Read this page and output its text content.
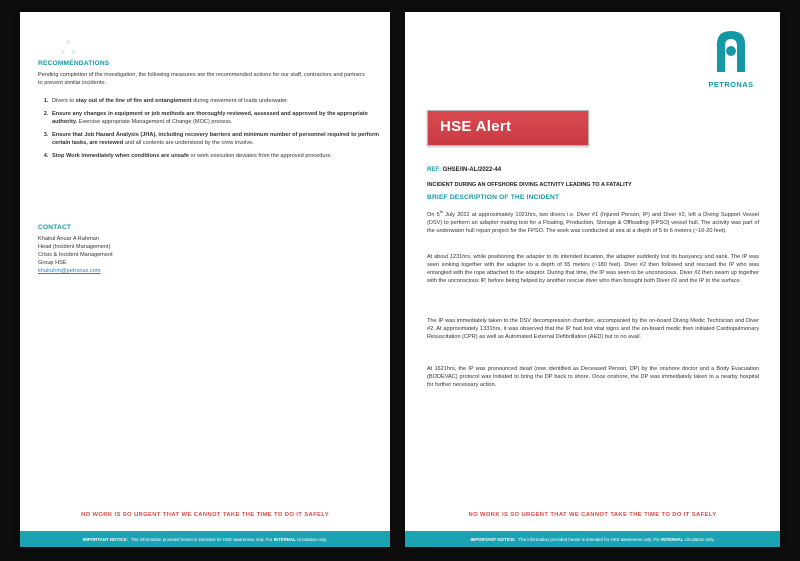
∴
RECOMMENDATIONS
Pending completion of the investigation, the following measures are the recommended actions for our staff, contractors and partners to prevent similar incidents:
1. Divers to stay out of the line of fire and entanglement during movement of loads underwater.
2. Ensure any changes in equipment or job methods are thoroughly reviewed, assessed and approved by the appropriate authority. Exercise appropriate Management of Change (MOC) process.
3. Ensure that Job Hazard Analysis (JHA), including recovery barriers and minimum number of personnel required to perform certain tasks, are reviewed and all contents are understood by the crew involve.
4. Stop Work immediately when conditions are unsafe or work execution deviates from the approved procedure.
CONTACT
Khairul Anuar A Rahman
Head (Incident Management)
Crisis & Incident Management
Group HSE
khairulrm@petronas.com
NO WORK IS SO URGENT THAT WE CANNOT TAKE THE TIME TO DO IT SAFELY
IMPORTANT NOTICE: The information provided herein is intended for HSE awareness only. For INTERNAL circulation only.
PETRONAS
HSE Alert
REF: GHSE/IN-AL/2022-44
INCIDENT DURING AN OFFSHORE DIVING ACTIVITY LEADING TO A FATALITY
BRIEF DESCRIPTION OF THE INCIDENT
On 5th July 2022 at approximately 1021hrs, two divers i.e. Diver #1 (Injured Person, IP) and Diver #2, left a Diving Support Vessel (DSV) to perform an adapter mating test for a Floating, Production, Storage & Offloading (FPSO) vessel hull. The activity was part of the underwater hull repair project for the FPSO. The work was conducted at sea at a depth of 5 to 6 meters (~16-20 feet).
At about 1231hrs, while positioning the adapter to its intended location, the adapter suddenly lost its buoyancy and sank. The IP was seen sinking together with the adapter to a depth of 55 meters (~180 feet). Diver #2 then followed and rescued the IP who was entangled with the rope attached to the adaptor. During that time, the IP was seen to be unconscious. Diver #2 then swam up together with the unconscious IP, before being helped by another rescue diver who then brought both Diver #2 and the IP to the surface.
The IP was immediately taken to the DSV decompression chamber, accompanied by the on-board Diving Medic Technician and Diver #2. At approximately 1331hrs, it was observed that the IP had lost vital signs and the on-board medic then initiated Cardiopulmonary Resuscitation (CPR) as well as Automated External Defibrillation (AED) but to no avail.
At 1621hrs, the IP was pronounced dead (now identified as Deceased Person, DP) by the onshore doctor and a Body Evacuation (BODEVAC) protocol was initiated to bring the DP back to shore. Once onshore, the DP was immediately taken to a nearby hospital for further necessary action.
NO WORK IS SO URGENT THAT WE CANNOT TAKE THE TIME TO DO IT SAFELY
IMPORTANT NOTICE: The information provided herein is intended for HSE awareness only. For INTERNAL circulation only.
